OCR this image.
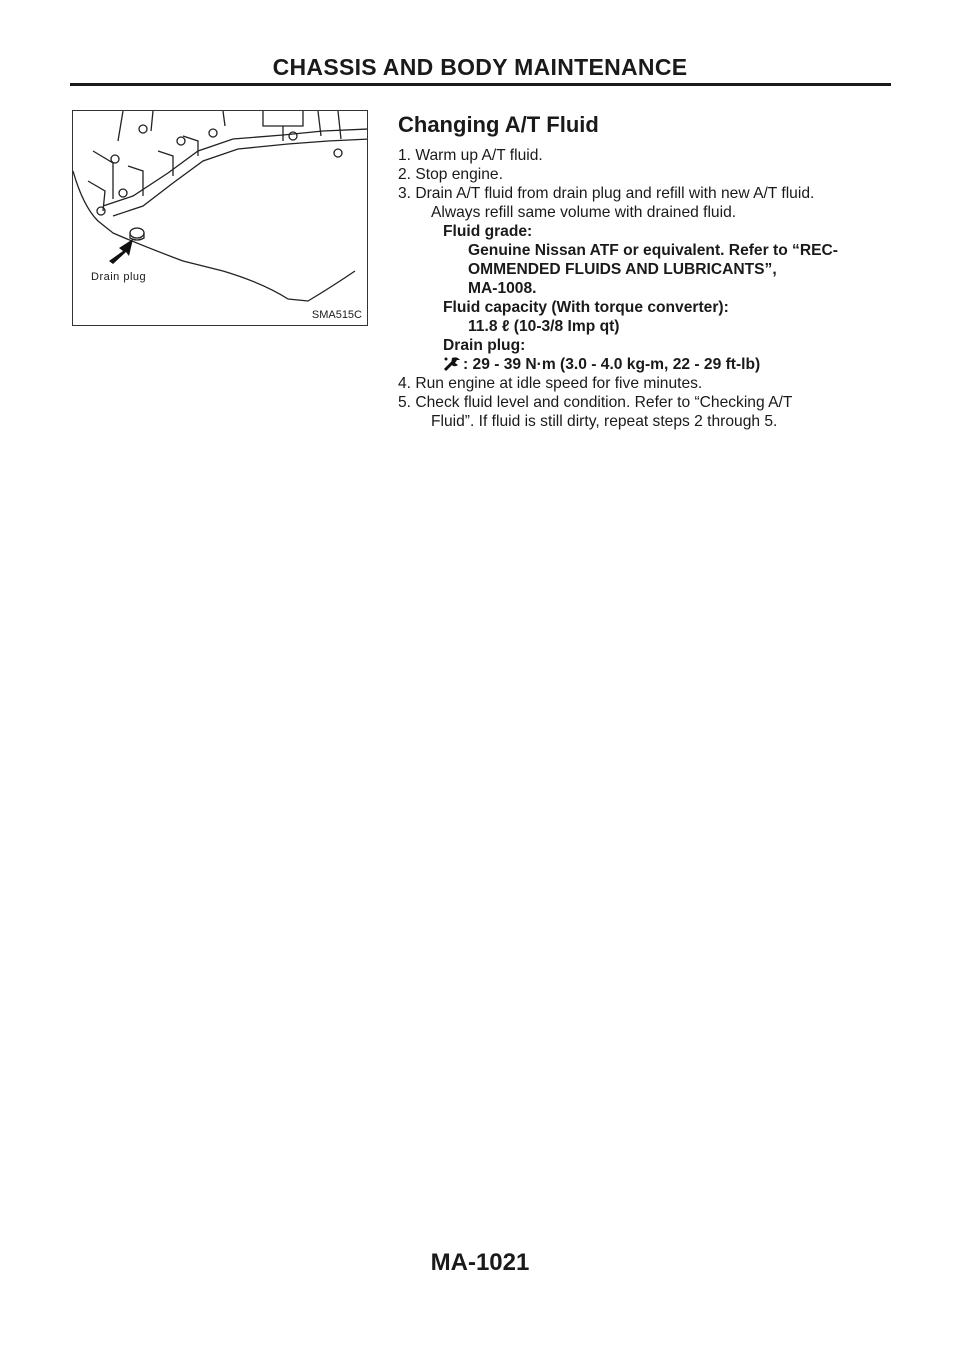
CHASSIS AND BODY MAINTENANCE
Drain plug
SMA515C
Changing A/T Fluid
1. Warm up A/T fluid.
2. Stop engine.
3. Drain A/T fluid from drain plug and refill with new A/T fluid.
Always refill same volume with drained fluid.
Fluid grade:
Genuine Nissan ATF or equivalent. Refer to “REC-
OMMENDED FLUIDS AND LUBRICANTS”,
MA-1008.
Fluid capacity (With torque converter):
11.8 ℓ (10-3/8 Imp qt)
Drain plug:
: 29 - 39 N·m (3.0 - 4.0 kg-m, 22 - 29 ft-lb)
4. Run engine at idle speed for five minutes.
5. Check fluid level and condition. Refer to “Checking A/T
Fluid”. If fluid is still dirty, repeat steps 2 through 5.
MA-1021
